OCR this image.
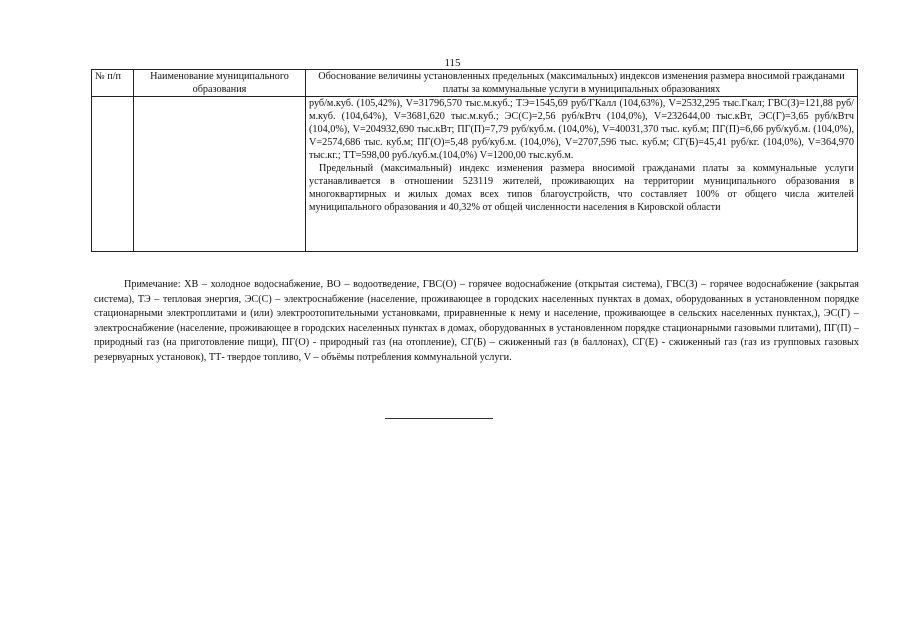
115
№ п/п	Наименование муниципального образования	Обоснование величины установленных предельных (максимальных) индексов изменения размера вносимой гражданами платы за коммунальные услуги в муниципальных образованиях

		руб/м.куб. (105,42%), V=31796,570 тыс.м.куб.; ТЭ=1545,69 руб/ГКалл (104,63%), V=2532,295 тыс.Гкал; ГВС(З)=121,88 руб/м.куб. (104,64%), V=3681,620 тыс.м.куб.; ЭС(С)=2,56 руб/кВтч (104,0%), V=232644,00 тыс.кВт, ЭС(Г)=3,65 руб/кВтч (104,0%), V=204932,690 тыс.кВт; ПГ(П)=7,79 руб/куб.м. (104,0%), V=40031,370 тыс. куб.м; ПГ(П)=6,66 руб/куб.м. (104,0%), V=2574,686 тыс. куб.м; ПГ(О)=5,48 руб/куб.м. (104,0%), V=2707,596 тыс. куб.м; СГ(Б)=45,41 руб/кг. (104,0%), V=364,970 тыс.кг.; ТТ=598,00 руб./куб.м.(104,0%) V=1200,00 тыс.куб.м.

Предельный (максимальный) индекс изменения размера вносимой гражданами платы за коммунальные услуги устанавливается в отношении 523119 жителей, проживающих на территории муниципального образования в многоквартирных и жилых домах всех типов благоустройств, что составляет 100% от общего числа жителей муниципального образования и 40,32% от общей численности населения в Кировской области

Примечание: ХВ – холодное водоснабжение, ВО – водоотведение, ГВС(О) – горячее водоснабжение (открытая система), ГВС(З) – горячее водоснабжение (закрытая система), ТЭ – тепловая энергия, ЭС(С) – электроснабжение (население, проживающее в городских населенных пунктах в домах, оборудованных в установленном порядке стационарными электроплитами и (или) электроотопительными установками, приравненные к нему и население, проживающее в сельских населенных пунктах,), ЭС(Г) – электроснабжение (население, проживающее в городских населенных пунктах в домах, оборудованных в установленном порядке стационарными газовыми плитами), ПГ(П) – природный газ (на приготовление пищи), ПГ(О) - природный газ (на отопление), СГ(Б) – сжиженный газ (в баллонах), СГ(Е) - сжиженный газ (газ из групповых газовых резервуарных установок), ТТ- твердое топливо, V – объёмы потребления коммунальной услуги.
